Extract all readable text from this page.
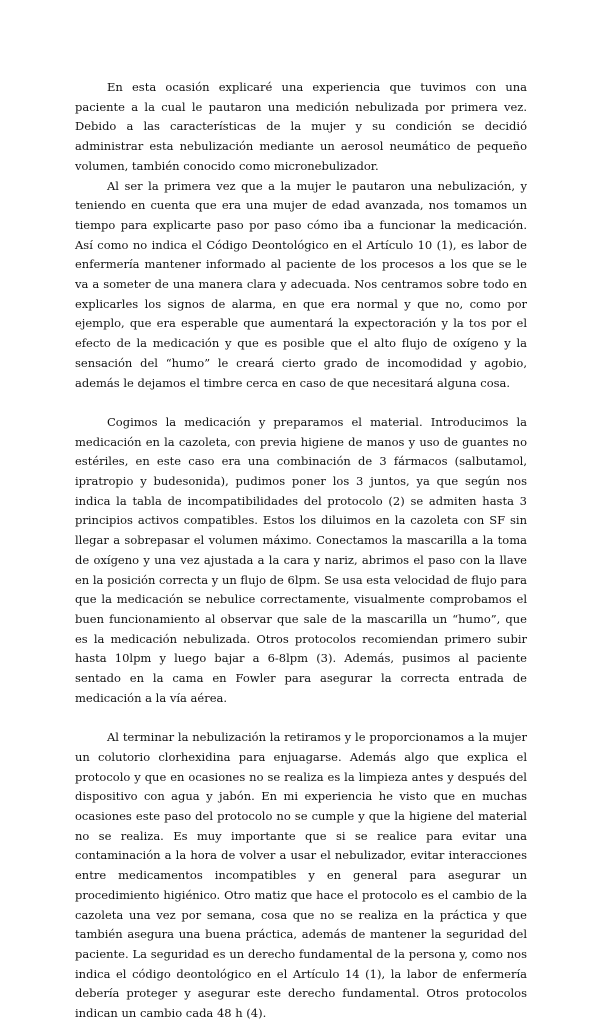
En esta ocasión explicaré una experiencia que tuvimos con una paciente a la cual le pautaron una medición nebulizada por primera vez. Debido a las características de la mujer y su condición se decidió administrar esta nebulización mediante un aerosol neumático de pequeño volumen, también conocido como micronebulizador.

Al ser la primera vez que a la mujer le pautaron una nebulización, y teniendo en cuenta que era una mujer de edad avanzada, nos tomamos un tiempo para explicarte paso por paso cómo iba a funcionar la medicación. Así como no indica el Código Deontológico en el Artículo 10 (1), es labor de enfermería mantener informado al paciente de los procesos a los que se le va a someter de una manera clara y adecuada. Nos centramos sobre todo en explicarles los signos de alarma, en que era normal y que no, como por ejemplo, que era esperable que aumentará la expectoración y la tos por el efecto de la medicación y que es posible que el alto flujo de oxígeno y la sensación del “humo” le creará cierto grado de incomodidad y agobio, además le dejamos el timbre cerca en caso de que necesitará alguna cosa.

Cogimos la medicación y preparamos el material. Introducimos la medicación en la cazoleta, con previa higiene de manos y uso de guantes no estériles, en este caso era una combinación de 3 fármacos (salbutamol, ipratropio y budesonida), pudimos poner los 3 juntos, ya que según nos indica la tabla de incompatibilidades del protocolo (2) se admiten hasta 3 principios activos compatibles. Estos los diluimos en la cazoleta con SF sin llegar a sobrepasar el volumen máximo. Conectamos la mascarilla a la toma de oxígeno y una vez ajustada a la cara y nariz, abrimos el paso con la llave en la posición correcta y un flujo de 6lpm. Se usa esta velocidad de flujo para que la medicación se nebulice correctamente, visualmente comprobamos el buen funcionamiento al observar que sale de la mascarilla un “humo”, que es la medicación nebulizada. Otros protocolos recomiendan primero subir hasta 10lpm y luego bajar a 6-8lpm (3). Además, pusimos al paciente sentado en la cama en Fowler para asegurar la correcta entrada de medicación a la vía aérea.

Al terminar la nebulización la retiramos y le proporcionamos a la mujer un colutorio clorhexidina para enjuagarse. Además algo que explica el protocolo y que en ocasiones no se realiza es la limpieza antes y después del dispositivo con agua y jabón. En mi experiencia he visto que en muchas ocasiones este paso del protocolo no se cumple y que la higiene del material no se realiza. Es muy importante que si se realice para evitar una contaminación a la hora de volver a usar el nebulizador, evitar interacciones entre medicamentos incompatibles y en general para asegurar un procedimiento higiénico. Otro matiz que hace el protocolo es el cambio de la cazoleta una vez por semana, cosa que no se realiza en la práctica y que también asegura una buena práctica, además de mantener la seguridad del paciente. La seguridad es un derecho fundamental de la persona y, como nos indica el código deontológico en el Artículo 14 (1), la labor de enfermería debería proteger y asegurar este derecho fundamental. Otros protocolos indican un cambio cada 48 h (4).
